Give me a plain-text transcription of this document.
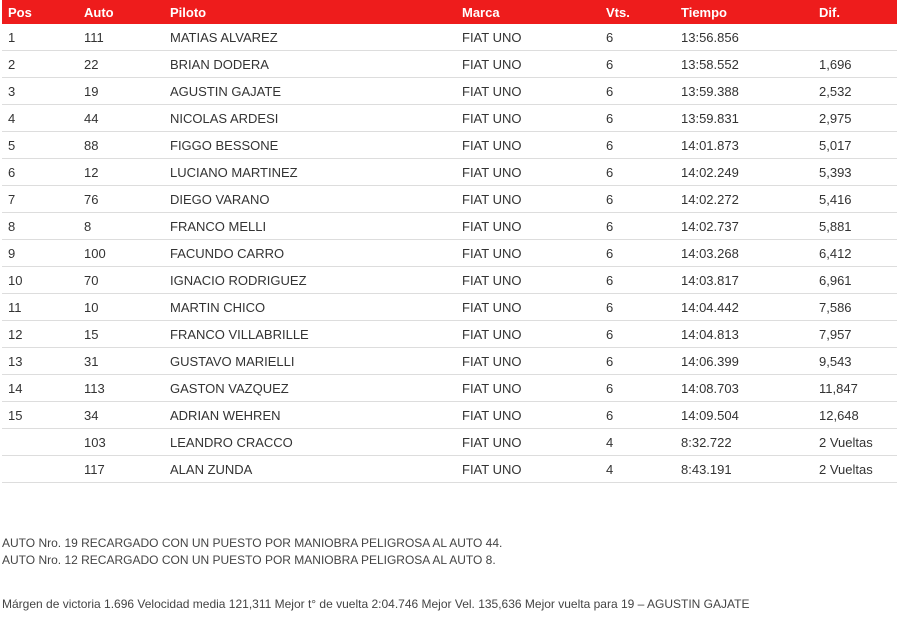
Pos	Auto	Piloto	Marca	Vts.	Tiempo	Dif.
1	111	MATIAS ALVAREZ	FIAT UNO	6	13:56.856	
2	22	BRIAN DODERA	FIAT UNO	6	13:58.552	1,696
3	19	AGUSTIN GAJATE	FIAT UNO	6	13:59.388	2,532
4	44	NICOLAS ARDESI	FIAT UNO	6	13:59.831	2,975
5	88	FIGGO BESSONE	FIAT UNO	6	14:01.873	5,017
6	12	LUCIANO MARTINEZ	FIAT UNO	6	14:02.249	5,393
7	76	DIEGO VARANO	FIAT UNO	6	14:02.272	5,416
8	8	FRANCO MELLI	FIAT UNO	6	14:02.737	5,881
9	100	FACUNDO CARRO	FIAT UNO	6	14:03.268	6,412
10	70	IGNACIO RODRIGUEZ	FIAT UNO	6	14:03.817	6,961
11	10	MARTIN CHICO	FIAT UNO	6	14:04.442	7,586
12	15	FRANCO VILLABRILLE	FIAT UNO	6	14:04.813	7,957
13	31	GUSTAVO MARIELLI	FIAT UNO	6	14:06.399	9,543
14	113	GASTON VAZQUEZ	FIAT UNO	6	14:08.703	11,847
15	34	ADRIAN WEHREN	FIAT UNO	6	14:09.504	12,648
	103	LEANDRO CRACCO	FIAT UNO	4	8:32.722	2 Vueltas
	117	ALAN ZUNDA	FIAT UNO	4	8:43.191	2 Vueltas
AUTO Nro. 19 RECARGADO CON UN PUESTO POR MANIOBRA PELIGROSA AL AUTO 44.
AUTO Nro. 12 RECARGADO CON UN PUESTO POR MANIOBRA PELIGROSA AL AUTO 8.
Márgen de victoria 1.696 Velocidad media 121,311 Mejor t° de vuelta 2:04.746 Mejor Vel. 135,636 Mejor vuelta para 19 – AGUSTIN GAJATE
